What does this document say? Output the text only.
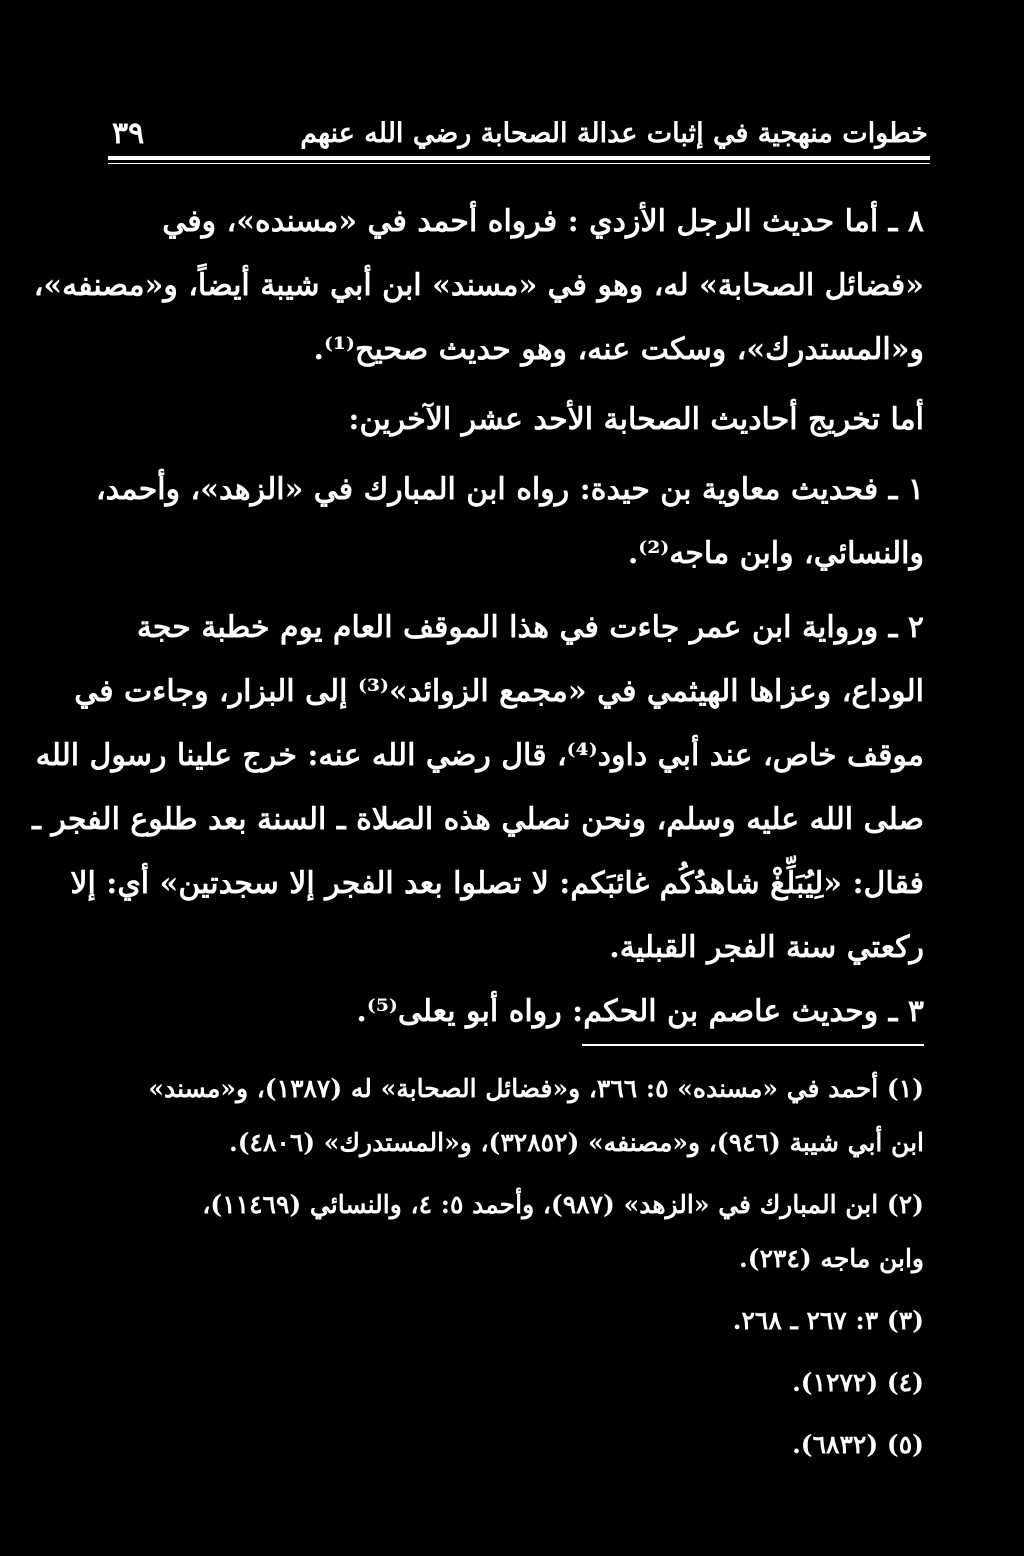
خطوات منهجية في إثبات عدالة الصحابة رضي الله عنهم
٣٩
٨ ـ أما حديث الرجل الأزدي : فرواه أحمد في «مسنده»، وفي
«فضائل الصحابة» له، وهو في «مسند» ابن أبي شيبة أيضاً، و«مصنفه»،
و«المستدرك»، وسكت عنه، وهو حديث صحيح⁽¹⁾.
أما تخريج أحاديث الصحابة الأحد عشر الآخرين:
١ ـ فحديث معاوية بن حيدة: رواه ابن المبارك في «الزهد»، وأحمد،
والنسائي، وابن ماجه⁽²⁾.
٢ ـ ورواية ابن عمر جاءت في هذا الموقف العام يوم خطبة حجة
الوداع، وعزاها الهيثمي في «مجمع الزوائد»⁽³⁾ إلى البزار، وجاءت في
موقف خاص، عند أبي داود⁽⁴⁾، قال رضي الله عنه: خرج علينا رسول الله
صلى الله عليه وسلم، ونحن نصلي هذه الصلاة ـ السنة بعد طلوع الفجر ـ
فقال: «لِيُبَلِّغْ شاهدُكُم غائبَكم: لا تصلوا بعد الفجر إلا سجدتين» أي: إلا
ركعتي سنة الفجر القبلية.
٣ ـ وحديث عاصم بن الحكم: رواه أبو يعلى⁽⁵⁾.
(١) أحمد في «مسنده» ٥: ٣٦٦، و«فضائل الصحابة» له (١٣٨٧)، و«مسند»
ابن أبي شيبة (٩٤٦)، و«مصنفه» (٣٢٨٥٢)، و«المستدرك» (٤٨٠٦).
(٢) ابن المبارك في «الزهد» (٩٨٧)، وأحمد ٥: ٤، والنسائي (١١٤٦٩)،
وابن ماجه (٢٣٤).
(٣) ٣: ٢٦٧ ـ ٢٦٨.
(٤) (١٢٧٢).
(٥) (٦٨٣٢).
